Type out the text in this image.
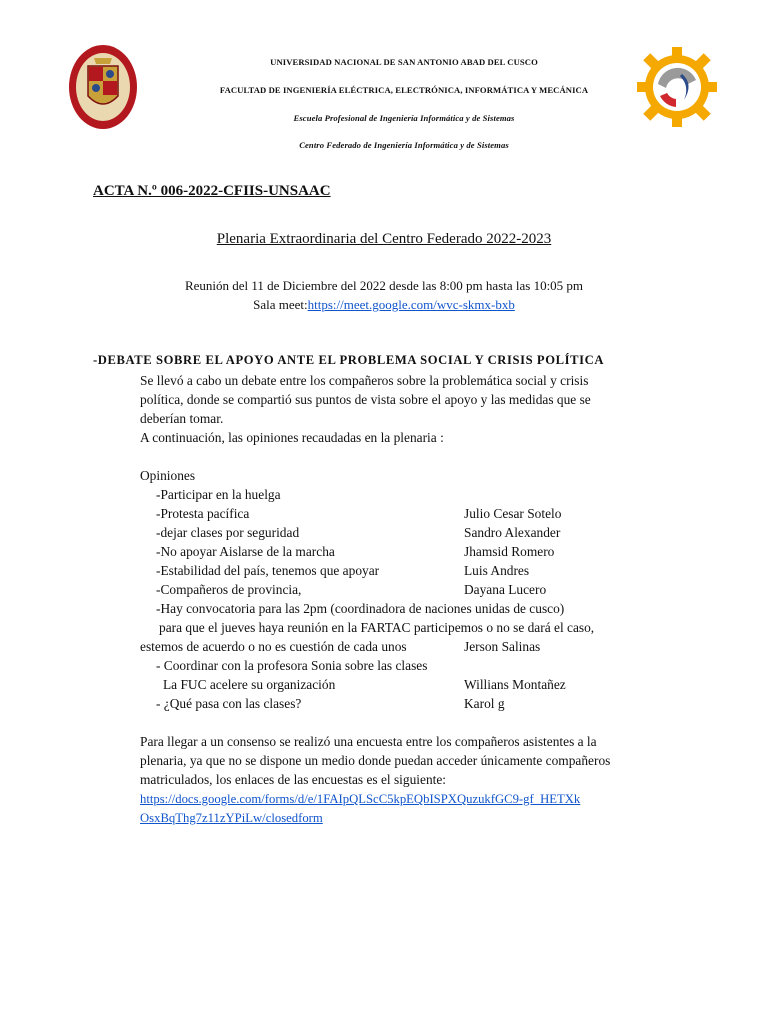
UNIVERSIDAD NACIONAL DE SAN ANTONIO ABAD DEL CUSCO
FACULTAD DE INGENIERÍA ELÉCTRICA, ELECTRÓNICA, INFORMÁTICA Y MECÁNICA
Escuela Profesional de Ingeniería Informática y de Sistemas
Centro Federado de Ingeniería Informática y de Sistemas
ACTA N.º 006-2022-CFIIS-UNSAAC
Plenaria Extraordinaria del Centro Federado 2022-2023
Reunión del 11 de Diciembre del 2022 desde las 8:00 pm hasta las 10:05 pm
Sala meet:https://meet.google.com/wvc-skmx-bxb
-DEBATE SOBRE EL APOYO ANTE EL PROBLEMA SOCIAL Y CRISIS POLÍTICA
Se llevó a cabo un debate entre los compañeros sobre la problemática social y crisis
política, donde se compartió sus puntos de vista sobre el apoyo y las medidas que se
deberían tomar.
A continuación, las opiniones recaudadas en la plenaria :
Opiniones
-Participar en la huelga
-Protesta pacífica	Julio Cesar Sotelo
-dejar clases por seguridad	Sandro Alexander
-No apoyar Aislarse de la marcha	Jhamsid Romero
-Estabilidad del país, tenemos que apoyar	Luis Andres
-Compañeros de provincia,	Dayana Lucero
-Hay convocatoria para las 2pm (coordinadora de naciones unidas de cusco)
para que el jueves haya reunión en la FARTAC participemos o no se dará el caso,
estemos de acuerdo o no es cuestión de cada unos	Jerson Salinas
- Coordinar con la profesora Sonia sobre las clases
La FUC acelere su organización	Willians Montañez
- ¿Qué pasa con las clases?	Karol g
Para llegar a un consenso se realizó una encuesta entre los compañeros asistentes a la
plenaria, ya que no se dispone un medio donde puedan acceder únicamente compañeros
matriculados, los enlaces de las encuestas es el siguiente:
https://docs.google.com/forms/d/e/1FAIpQLScC5kpEQbISPXQuzukfGC9-gf_HETXk
OsxBqThg7z11zYPiLw/closedform
